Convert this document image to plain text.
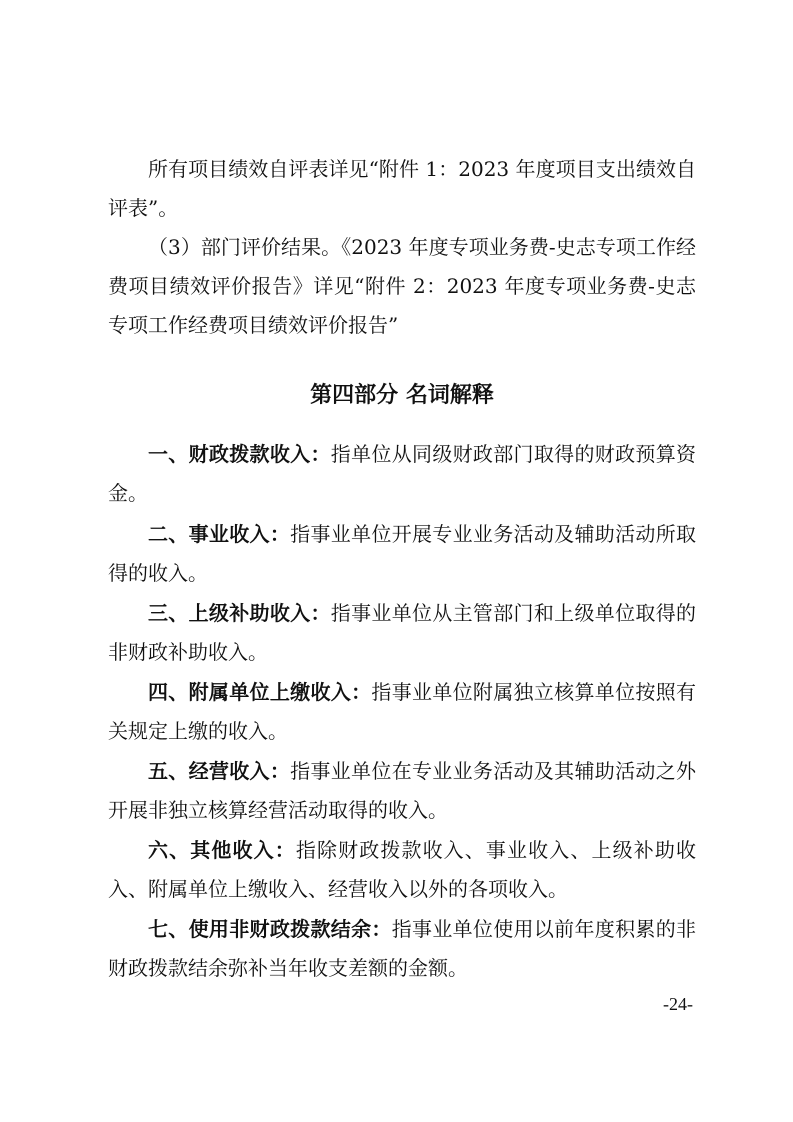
所有项目绩效自评表详见“附件 1：2023 年度项目支出绩效自评表”。

（3）部门评价结果。《2023 年度专项业务费-史志专项工作经费项目绩效评价报告》详见“附件 2：2023 年度专项业务费-史志专项工作经费项目绩效评价报告”

第四部分 名词解释

一、财政拨款收入：指单位从同级财政部门取得的财政预算资金。

二、事业收入：指事业单位开展专业业务活动及辅助活动所取得的收入。

三、上级补助收入：指事业单位从主管部门和上级单位取得的非财政补助收入。

四、附属单位上缴收入：指事业单位附属独立核算单位按照有关规定上缴的收入。

五、经营收入：指事业单位在专业业务活动及其辅助活动之外开展非独立核算经营活动取得的收入。

六、其他收入：指除财政拨款收入、事业收入、上级补助收入、附属单位上缴收入、经营收入以外的各项收入。

七、使用非财政拨款结余：指事业单位使用以前年度积累的非财政拨款结余弥补当年收支差额的金额。

-24-
